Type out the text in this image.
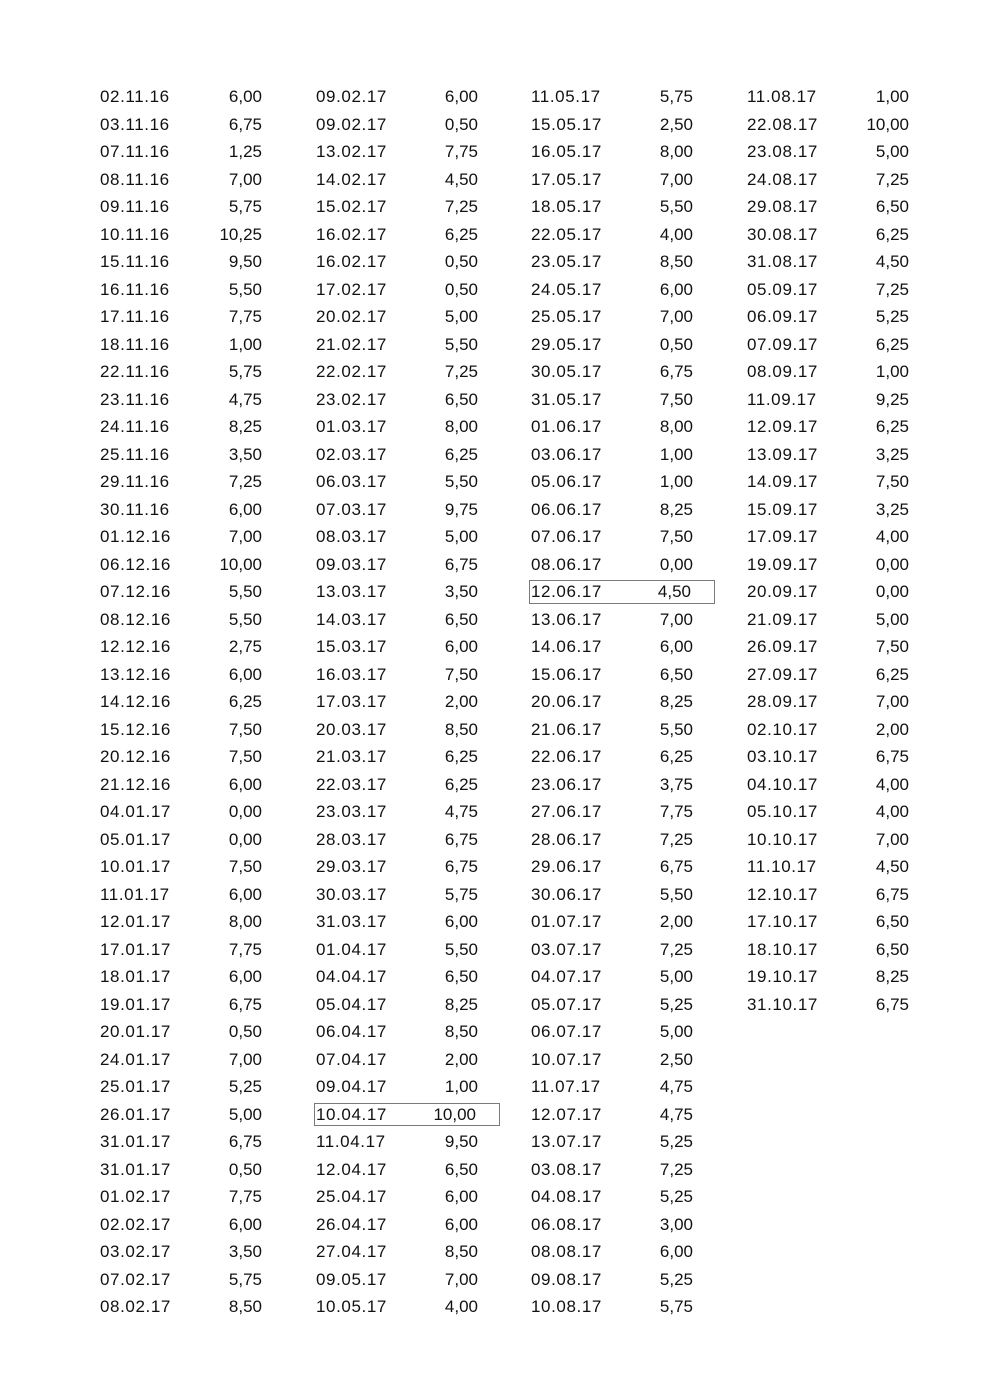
02.11.16	6,00
03.11.16	6,75
07.11.16	1,25
08.11.16	7,00
09.11.16	5,75
10.11.16	10,25
15.11.16	9,50
16.11.16	5,50
17.11.16	7,75
18.11.16	1,00
22.11.16	5,75
23.11.16	4,75
24.11.16	8,25
25.11.16	3,50
29.11.16	7,25
30.11.16	6,00
01.12.16	7,00
06.12.16	10,00
07.12.16	5,50
08.12.16	5,50
12.12.16	2,75
13.12.16	6,00
14.12.16	6,25
15.12.16	7,50
20.12.16	7,50
21.12.16	6,00
04.01.17	0,00
05.01.17	0,00
10.01.17	7,50
11.01.17	6,00
12.01.17	8,00
17.01.17	7,75
18.01.17	6,00
19.01.17	6,75
20.01.17	0,50
24.01.17	7,00
25.01.17	5,25
26.01.17	5,00
31.01.17	6,75
31.01.17	0,50
01.02.17	7,75
02.02.17	6,00
03.02.17	3,50
07.02.17	5,75
08.02.17	8,50
09.02.17	6,00
09.02.17	0,50
13.02.17	7,75
14.02.17	4,50
15.02.17	7,25
16.02.17	6,25
16.02.17	0,50
17.02.17	0,50
20.02.17	5,00
21.02.17	5,50
22.02.17	7,25
23.02.17	6,50
01.03.17	8,00
02.03.17	6,25
06.03.17	5,50
07.03.17	9,75
08.03.17	5,00
09.03.17	6,75
13.03.17	3,50
14.03.17	6,50
15.03.17	6,00
16.03.17	7,50
17.03.17	2,00
20.03.17	8,50
21.03.17	6,25
22.03.17	6,25
23.03.17	4,75
28.03.17	6,75
29.03.17	6,75
30.03.17	5,75
31.03.17	6,00
01.04.17	5,50
04.04.17	6,50
05.04.17	8,25
06.04.17	8,50
07.04.17	2,00
09.04.17	1,00
10.04.17	10,00
11.04.17	9,50
12.04.17	6,50
25.04.17	6,00
26.04.17	6,00
27.04.17	8,50
09.05.17	7,00
10.05.17	4,00
11.05.17	5,75
15.05.17	2,50
16.05.17	8,00
17.05.17	7,00
18.05.17	5,50
22.05.17	4,00
23.05.17	8,50
24.05.17	6,00
25.05.17	7,00
29.05.17	0,50
30.05.17	6,75
31.05.17	7,50
01.06.17	8,00
03.06.17	1,00
05.06.17	1,00
06.06.17	8,25
07.06.17	7,50
08.06.17	0,00
12.06.17	4,50
13.06.17	7,00
14.06.17	6,00
15.06.17	6,50
20.06.17	8,25
21.06.17	5,50
22.06.17	6,25
23.06.17	3,75
27.06.17	7,75
28.06.17	7,25
29.06.17	6,75
30.06.17	5,50
01.07.17	2,00
03.07.17	7,25
04.07.17	5,00
05.07.17	5,25
06.07.17	5,00
10.07.17	2,50
11.07.17	4,75
12.07.17	4,75
13.07.17	5,25
03.08.17	7,25
04.08.17	5,25
06.08.17	3,00
08.08.17	6,00
09.08.17	5,25
10.08.17	5,75
11.08.17	1,00
22.08.17	10,00
23.08.17	5,00
24.08.17	7,25
29.08.17	6,50
30.08.17	6,25
31.08.17	4,50
05.09.17	7,25
06.09.17	5,25
07.09.17	6,25
08.09.17	1,00
11.09.17	9,25
12.09.17	6,25
13.09.17	3,25
14.09.17	7,50
15.09.17	3,25
17.09.17	4,00
19.09.17	0,00
20.09.17	0,00
21.09.17	5,00
26.09.17	7,50
27.09.17	6,25
28.09.17	7,00
02.10.17	2,00
03.10.17	6,75
04.10.17	4,00
05.10.17	4,00
10.10.17	7,00
11.10.17	4,50
12.10.17	6,75
17.10.17	6,50
18.10.17	6,50
19.10.17	8,25
31.10.17	6,75
